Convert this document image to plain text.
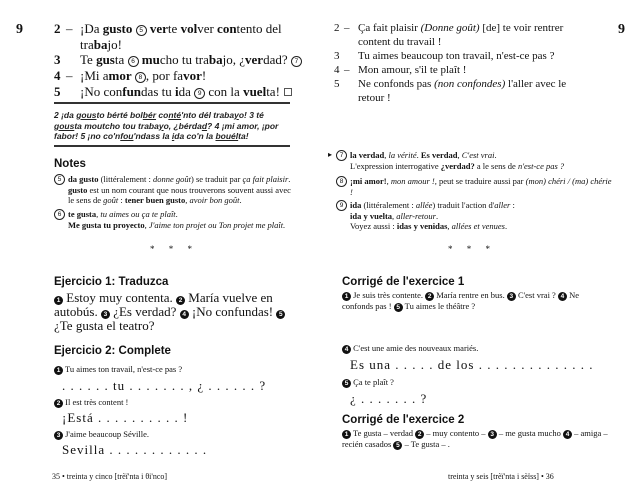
9 2 – ¡Da gusto 5 verte volver contento del
trabajo!
3 Te gusta 6 mucho tu trabajo, ¿verdad? 7
4 – ¡Mi amor 8 , por favor!
5 ¡No confundas tu ida 9 con la vuelta!
2 ¡da gousto bérté bolbér conté'nto dél trabayo! 3 té gousta moutcho tou trabayo, ¿bérdad? 4 ¡mi amor, ¡por fabor! 5 ¡no co'nfou'ndass la ida co'n la bouélta!
Notes
5 da gusto (littéralement : donne goût) se traduit par ça fait plaisir. gusto est un nom courant que nous trouverons souvent aussi avec le sens de goût : tener buen gusto, avoir bon goût.
6 te gusta, tu aimes ou ça te plaît.
Me gusta tu proyecto, J'aime ton projet ou Ton projet me plaît.
* * *
Ejercicio 1: Traduzca
1 Estoy muy contenta. 2 María vuelve en autobús. 3 ¿Es verdad? 4 ¡No confundas! 5 ¿Te gusta el teatro?
Ejercicio 2: Complete
1 Tu aimes ton travail, n'est-ce pas ?
. . . . . . tu . . . . . . . , ¿ . . . . . . ?
2 Il est très content !
¡Está . . . . . . . . . . !
3 J'aime beaucoup Séville.
Sevilla . . . . . . . . . . . .
35 • treinta y cinco [trèï'nta i θi'nco]
9
2 – Ça fait plaisir (Donne goût) [de] te voir rentrer
content du travail !
3 Tu aimes beaucoup ton travail, n'est-ce pas ?
4 – Mon amour, s'il te plaît !
5 Ne confonds pas (non confondes) l'aller avec le
retour !
▸	7 la verdad, la vérité. Es verdad, C'est vrai.
L'expression interrogative ¿verdad? a le sens de n'est-ce pas ?
8 ¡mi amor!, mon amour !, peut se traduire aussi par (mon) chéri / (ma) chérie !
9 ida (littéralement : allée) traduit l'action d'aller :
ida y vuelta, aller-retour.
Voyez aussi : idas y venidas, allées et venues.
* * *
Corrigé de l'exercice 1
1 Je suis très contente. 2 María rentre en bus. 3 C'est vrai ? 4 Ne confonds pas ! 5 Tu aimes le théâtre ?
4 C'est une amie des nouveaux mariés.
Es una . . . . . de los . . . . . . . . . . . . . .
5 Ça te plaît ?
¿ . . . . . . . ?
Corrigé de l'exercice 2
1 Te gusta – verdad 2 – muy contento – 3 – me gusta mucho 4 – amiga – recién casados 5 – Te gusta – .
treinta y seis [trèï'nta i sèïss] • 36
